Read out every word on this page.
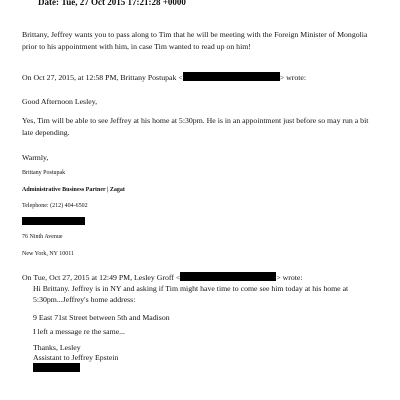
Date: Tue, 27 Oct 2015 17:21:28 +0000

Brittany, Jeffrey wants you to pass along to Tim that he will be meeting with the Foreign Minister of Mongolia
prior to his appointment with him, in case Tim wanted to read up on him!

On Oct 27, 2015, at 12:58 PM, Brittany Postupak <	> wrote:

Good Afternoon Lesley,

Yes, Tim will be able to see Jeffrey at his home at 5:30pm. He is in an appointment just before so may run a bit
late depending.

Warmly,

Brittany Postupak

Administrative Business Partner | Zagat

Telephone: (212) 404-6502

76 Ninth Avenue

New York, NY 10011

On Tue, Oct 27, 2015 at 12:49 PM, Lesley Groff <	> wrote:

Hi Brittany. Jeffrey is in NY and asking if Tim might have time to come see him today at his home at
5:30pm...Jeffrey's home address:

9 East 71st Street between 5th and Madison

I left a message re the same...

Thanks, Lesley
Assistant to Jeffrey Epstein
